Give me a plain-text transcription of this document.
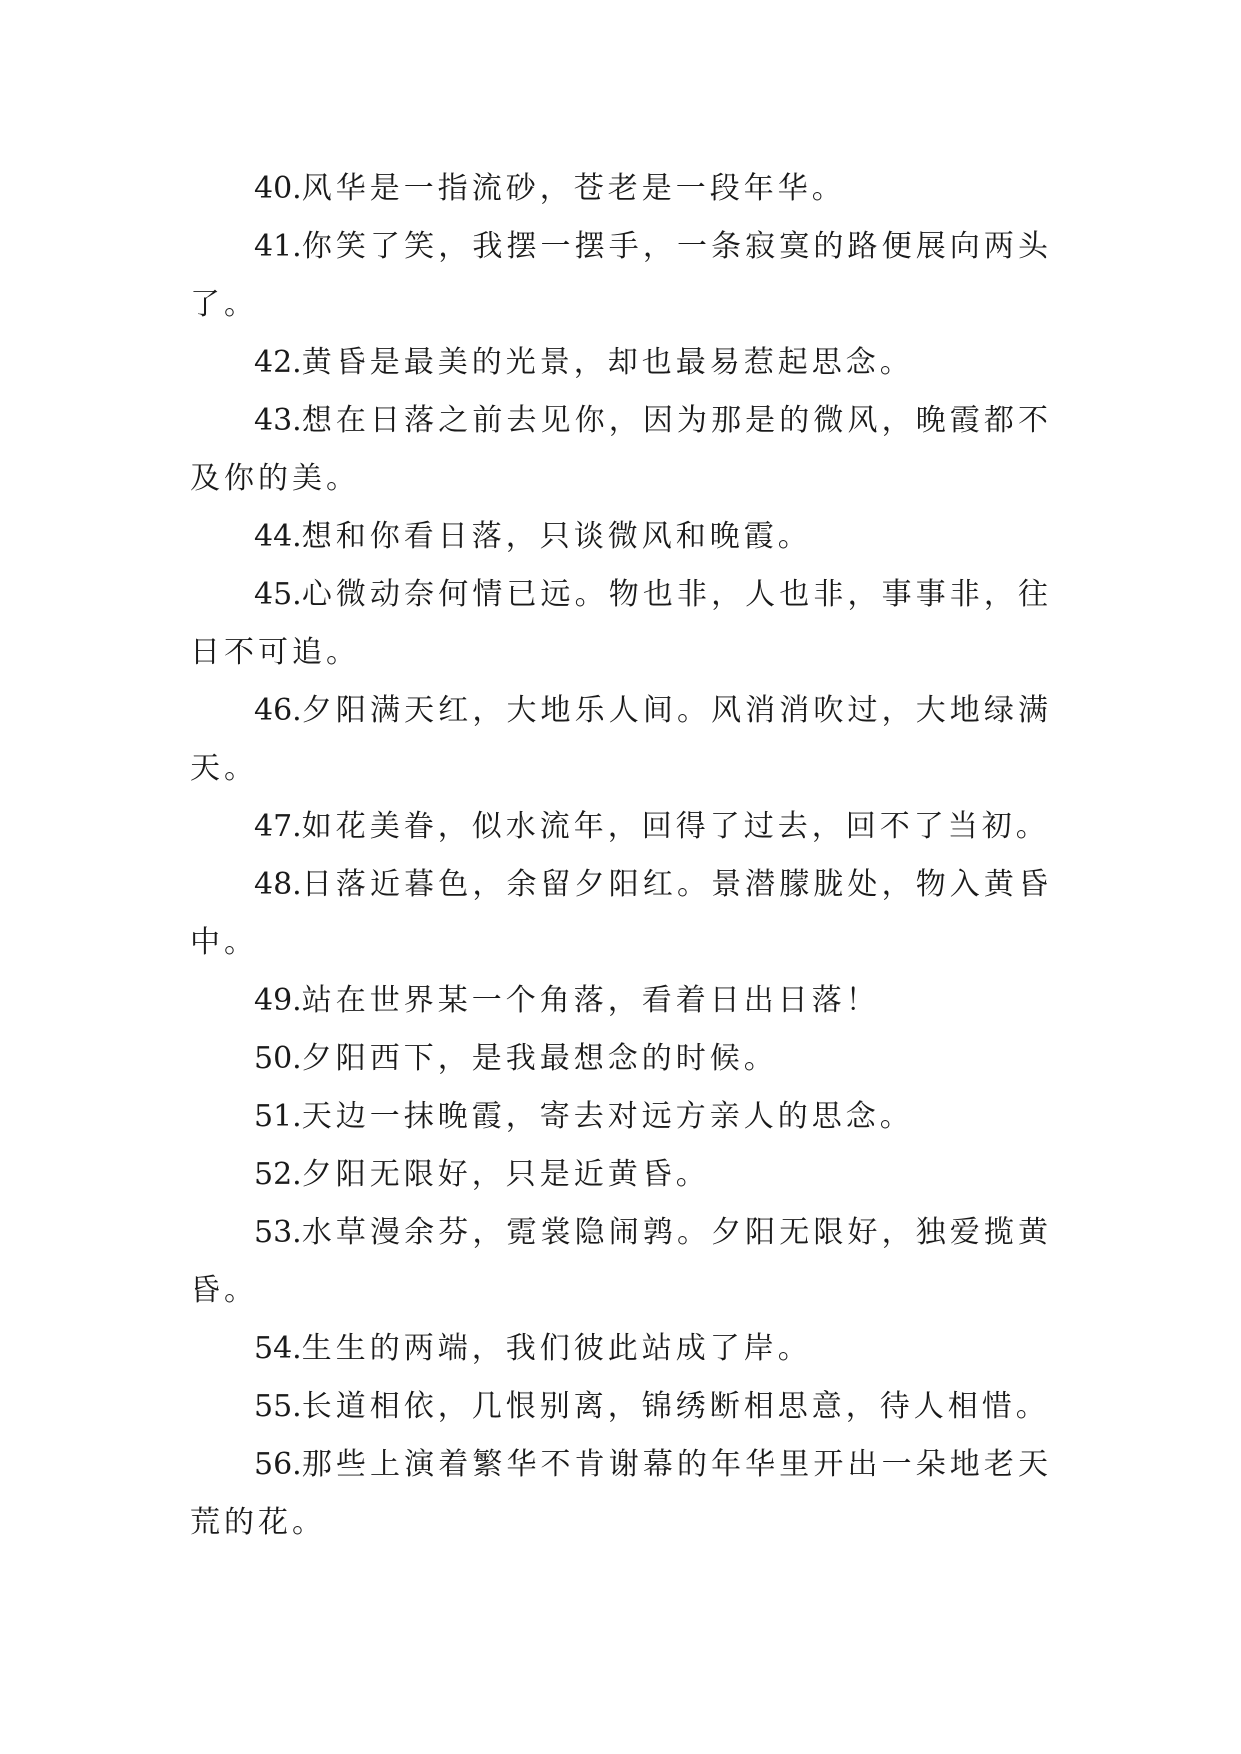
40.风华是一指流砂，苍老是一段年华。

41.你笑了笑，我摆一摆手，一条寂寞的路便展向两头了。

42.黄昏是最美的光景，却也最易惹起思念。

43.想在日落之前去见你，因为那是的微风，晚霞都不及你的美。

44.想和你看日落，只谈微风和晚霞。

45.心微动奈何情已远。物也非，人也非，事事非，往日不可追。

46.夕阳满天红，大地乐人间。风消消吹过，大地绿满天。

47.如花美眷，似水流年，回得了过去，回不了当初。

48.日落近暮色，余留夕阳红。景潜朦胧处，物入黄昏中。

49.站在世界某一个角落，看着日出日落！

50.夕阳西下，是我最想念的时候。

51.天边一抹晚霞，寄去对远方亲人的思念。

52.夕阳无限好，只是近黄昏。

53.水草漫余芬，霓裳隐闹鹑。夕阳无限好，独爱揽黄昏。

54.生生的两端，我们彼此站成了岸。

55.长道相依，几恨别离，锦绣断相思意，待人相惜。

56.那些上演着繁华不肯谢幕的年华里开出一朵地老天荒的花。
